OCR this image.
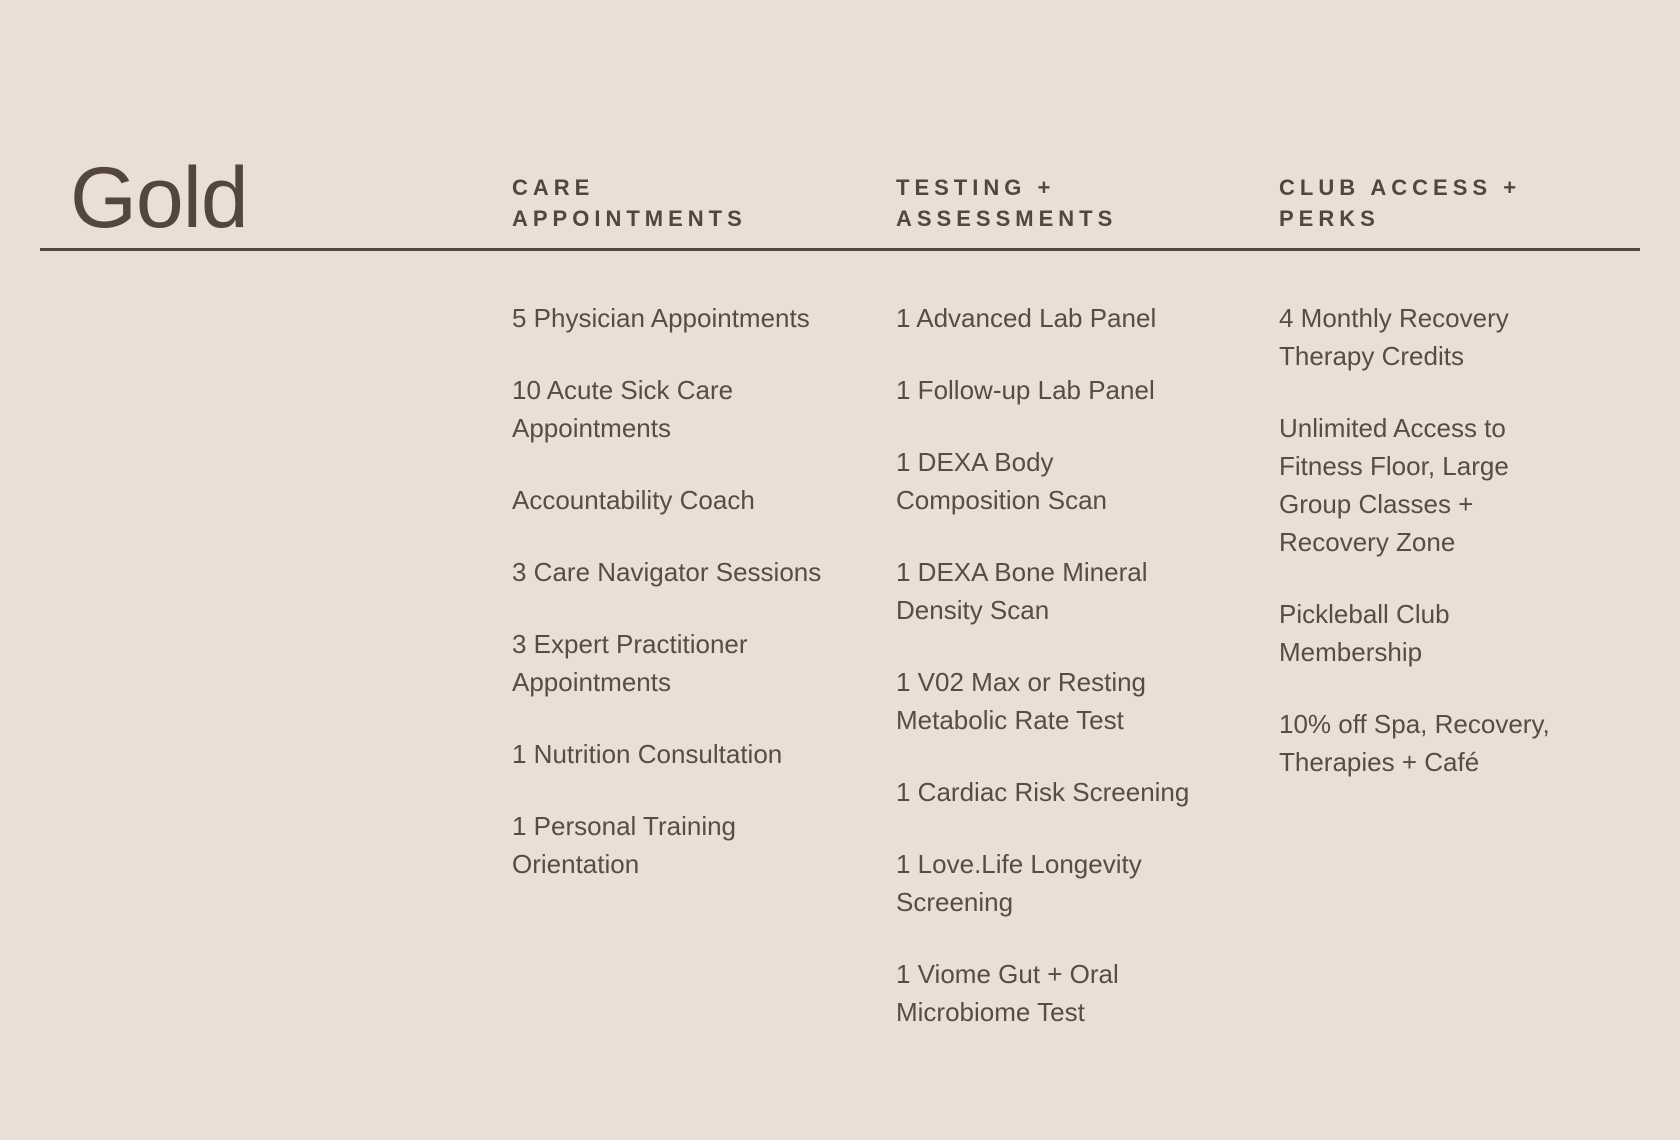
Gold	CARE APPOINTMENTS
TESTING + ASSESSMENTS
CLUB ACCESS + PERKS
5 Physician Appointments
10 Acute Sick Care Appointments
Accountability Coach
3 Care Navigator Sessions
3 Expert Practitioner Appointments
1 Nutrition Consultation
1 Personal Training Orientation
1 Advanced Lab Panel
1 Follow-up Lab Panel
1 DEXA Body Composition Scan
1 DEXA Bone Mineral Density Scan
1 V02 Max or Resting Metabolic Rate Test
1 Cardiac Risk Screening
1 Love.Life Longevity Screening
1 Viome Gut + Oral Microbiome Test
4 Monthly Recovery Therapy Credits
Unlimited Access to Fitness Floor, Large Group Classes + Recovery Zone
Pickleball Club Membership
10% off Spa, Recovery, Therapies + Café
